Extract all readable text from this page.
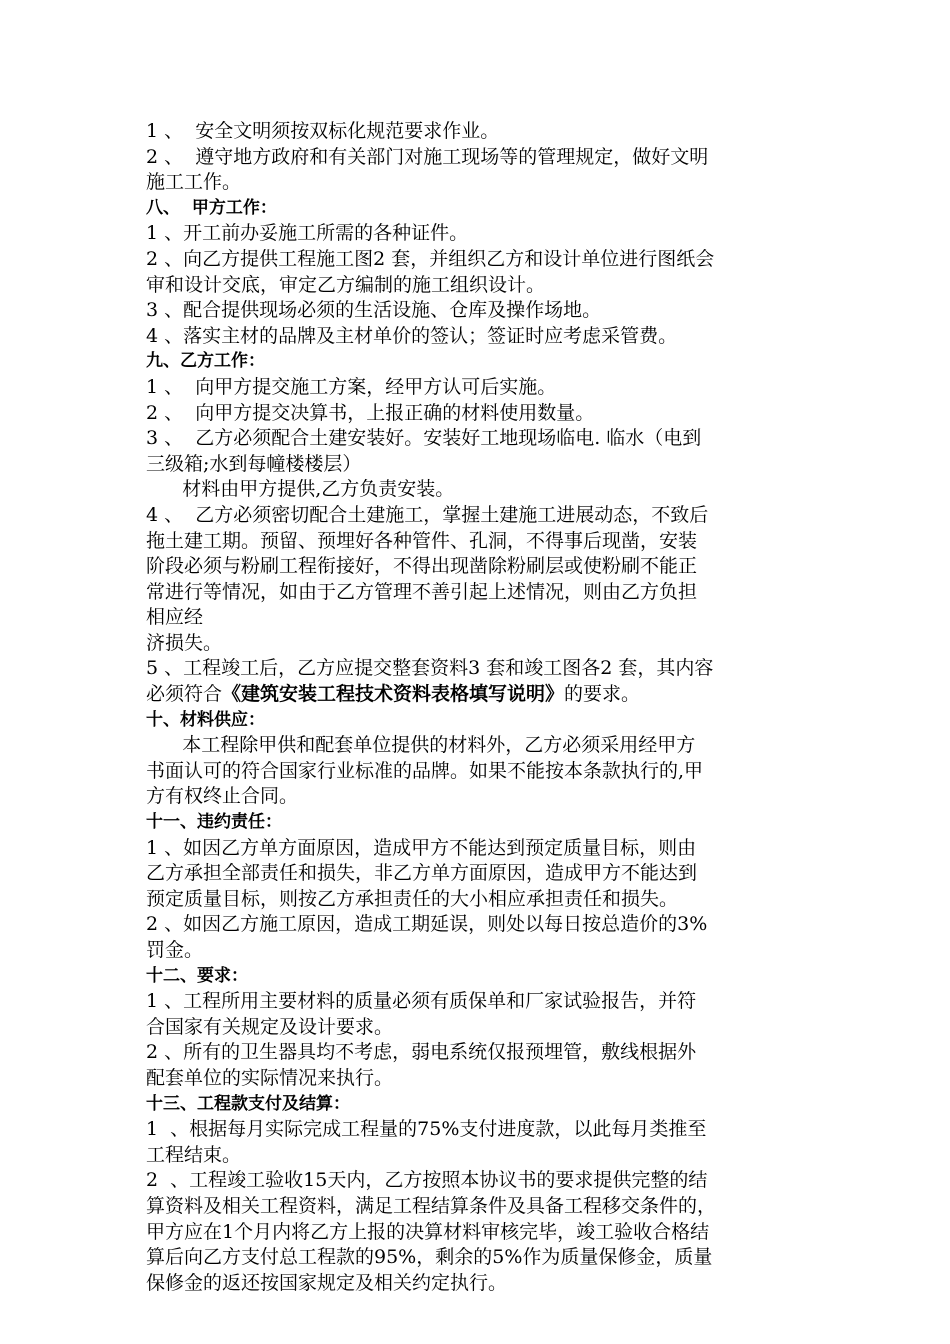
1 、  安全文明须按双标化规范要求作业。
2 、  遵守地方政府和有关部门对施工现场等的管理规定，做好文明
施工工作。
八、  甲方工作：
1 、开工前办妥施工所需的各种证件。
2 、向乙方提供工程施工图2 套，并组织乙方和设计单位进行图纸会
审和设计交底，审定乙方编制的施工组织设计。
3 、配合提供现场必须的生活设施、仓库及操作场地。
4 、落实主材的品牌及主材单价的签认；签证时应考虑采管费。
九、乙方工作：
1 、  向甲方提交施工方案，经甲方认可后实施。
2 、  向甲方提交决算书，上报正确的材料使用数量。
3 、  乙方必须配合土建安装好。安装好工地现场临电. 临水（电到
三级箱;水到每幢楼楼层）
材料由甲方提供,乙方负责安装。
4 、  乙方必须密切配合土建施工，掌握土建施工进展动态，不致后
拖土建工期。预留、预埋好各种管件、孔洞，不得事后现凿，安装
阶段必须与粉刷工程衔接好，不得出现凿除粉刷层或使粉刷不能正
常进行等情况，如由于乙方管理不善引起上述情况，则由乙方负担
相应经
济损失。
5 、工程竣工后，乙方应提交整套资料3 套和竣工图各2 套，其内容
必须符合《建筑安装工程技术资料表格填写说明》的要求。
十、材料供应：
本工程除甲供和配套单位提供的材料外，乙方必须采用经甲方
书面认可的符合国家行业标准的品牌。如果不能按本条款执行的,甲
方有权终止合同。
十一、违约责任：
1 、如因乙方单方面原因，造成甲方不能达到预定质量目标，则由
乙方承担全部责任和损失，非乙方单方面原因，造成甲方不能达到
预定质量目标，则按乙方承担责任的大小相应承担责任和损失。
2 、如因乙方施工原因，造成工期延误，则处以每日按总造价的3%
罚金。
十二、要求：
1 、工程所用主要材料的质量必须有质保单和厂家试验报告，并符
合国家有关规定及设计要求。
2 、所有的卫生器具均不考虑，弱电系统仅报预埋管，敷线根据外
配套单位的实际情况来执行。
十三、工程款支付及结算：
1  、根据每月实际完成工程量的75%支付进度款，以此每月类推至
工程结束。
2  、工程竣工验收15天内，乙方按照本协议书的要求提供完整的结
算资料及相关工程资料，满足工程结算条件及具备工程移交条件的，
甲方应在1个月内将乙方上报的决算材料审核完毕，竣工验收合格结
算后向乙方支付总工程款的95%，剩余的5%作为质量保修金，质量
保修金的返还按国家规定及相关约定执行。
